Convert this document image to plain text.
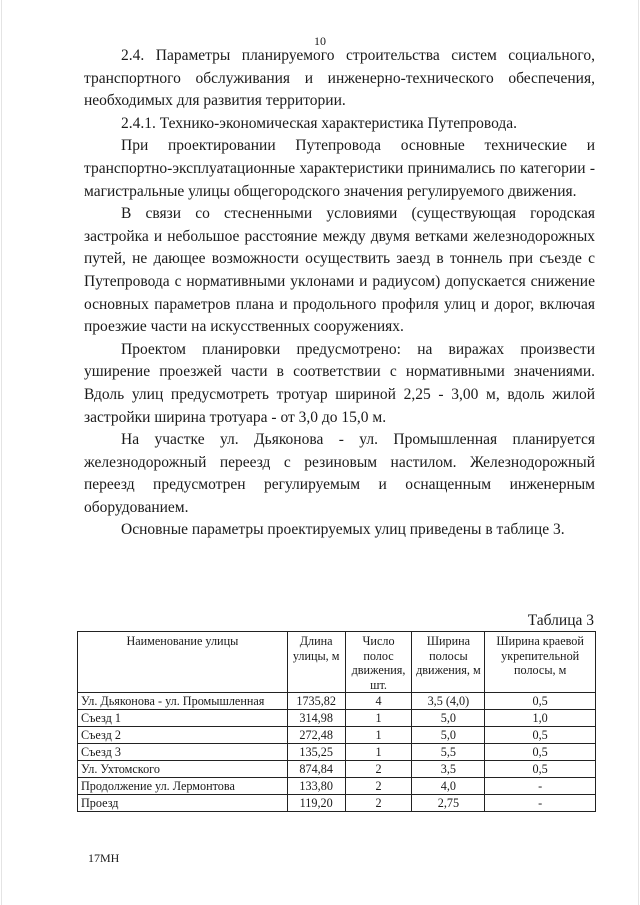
10

2.4. Параметры планируемого строительства систем социального, транспортного обслуживания и инженерно-технического обеспечения, необходимых для развития территории.

2.4.1. Технико-экономическая характеристика Путепровода.

При проектировании Путепровода основные технические и транспортно-эксплуатационные характеристики принимались по категории - магистральные улицы общегородского значения регулируемого движения.

В связи со стесненными условиями (существующая городская застройка и небольшое расстояние между двумя ветками железнодорожных путей, не дающее возможности осуществить заезд в тоннель при съезде с Путепровода с нормативными уклонами и радиусом) допускается снижение основных параметров плана и продольного профиля улиц и дорог, включая проезжие части на искусственных сооружениях.

Проектом планировки предусмотрено: на виражах произвести уширение проезжей части в соответствии с нормативными значениями. Вдоль улиц предусмотреть тротуар шириной 2,25 - 3,00 м, вдоль жилой застройки ширина тротуара - от 3,0 до 15,0 м.

На участке ул. Дьяконова - ул. Промышленная планируется железнодорожный переезд с резиновым настилом. Железнодорожный переезд предусмотрен регулируемым и оснащенным инженерным оборудованием.

Основные параметры проектируемых улиц приведены в таблице 3.

Таблица 3
Наименование улицы	Длина улицы, м	Число полос движения, шт.	Ширина полосы движения, м	Ширина краевой укрепительной полосы, м
Ул. Дьяконова - ул. Промышленная	1735,82	4	3,5 (4,0)	0,5
Съезд 1	314,98	1	5,0	1,0
Съезд 2	272,48	1	5,0	0,5
Съезд 3	135,25	1	5,5	0,5
Ул. Ухтомского	874,84	2	3,5	0,5
Продолжение ул. Лермонтова	133,80	2	4,0	-
Проезд	119,20	2	2,75	-
17МН
